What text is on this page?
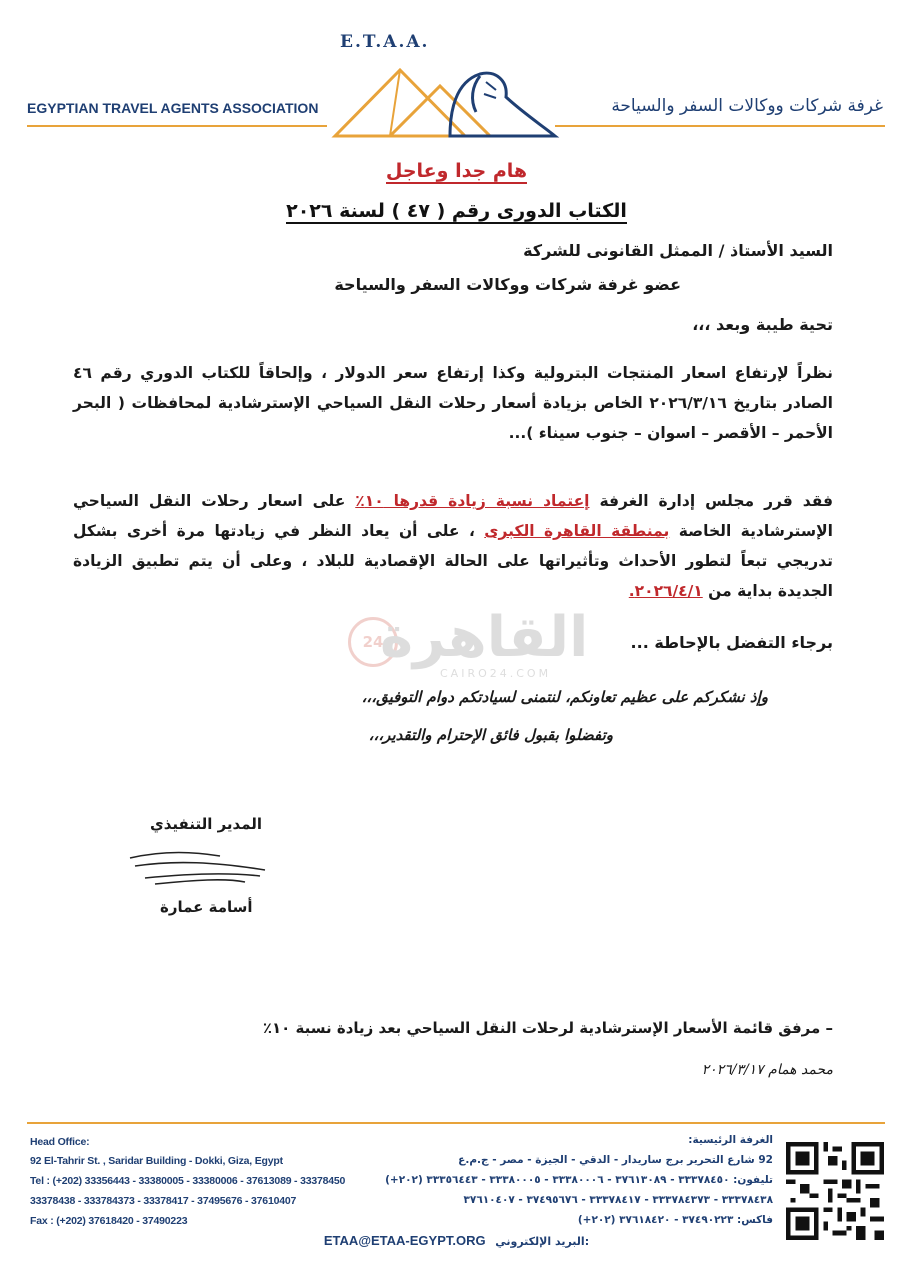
E.T.A.A.
EGYPTIAN TRAVEL AGENTS ASSOCIATION	غرفة شركات ووكالات السفر والسياحة
هام جدا وعاجل
الكتاب الدورى رقم ( ٤٧ ) لسنة ٢٠٢٦
السيد الأستاذ / الممثل القانونى للشركة
عضو غرفة شركات ووكالات السفر والسياحة
تحية طيبة وبعد ،،،
نظراً لإرتفاع اسعار المنتجات البترولية وكذا إرتفاع سعر الدولار ، وإلحاقاً للكتاب الدوري رقم ٤٦ الصادر بتاريخ ٢٠٢٦/٣/١٦ الخاص بزيادة أسعار رحلات النقل السياحي الإسترشادية لمحافظات ( البحر الأحمر – الأقصر – اسوان – جنوب سيناء )...
فقد قرر مجلس إدارة الغرفة إعتماد نسبة زيادة قدرها ١٠٪ على اسعار رحلات النقل السياحي الإسترشادية الخاصة بمنطقة القاهرة الكبرى ، على أن يعاد النظر في زيادتها مرة أخرى بشكل تدريجي تبعاً لتطور الأحداث وتأثيراتها على الحالة الإقصادية للبلاد ، وعلى أن يتم تطبيق الزيادة الجديدة بداية من ٢٠٢٦/٤/١.
برجاء التفضل بالإحاطة ...
24
القاهرة
CAIRO24.COM
وإذ نشكركم على عظيم تعاونكم، لنتمنى لسيادتكم دوام التوفيق،،،
وتفضلوا بقبول فائق الإحترام والتقدير،،،
المدير التنفيذي
أسامة عمارة
– مرفق قائمة الأسعار الإسترشادية لرحلات النقل السياحي بعد زيادة نسبة ١٠٪
محمد همام ٢٠٢٦/٣/١٧
Head Office:
92 El-Tahrir St. , Saridar Building - Dokki, Giza, Egypt
Tel : (+202) 33356443 - 33380005 - 33380006 - 37613089 - 33378450
33378438 - 333784373 - 33378417 - 37495676 - 37610407
Fax : (+202) 37618420 - 37490223
الغرفة الرئيسية:
92 شارع التحرير برج ساريدار - الدقي - الجيزة - مصر - ج.م.ع
تليفون: ٣٣٣٧٨٤٥٠ - ٣٧٦١٣٠٨٩ - ٣٣٣٨٠٠٠٦ - ٣٣٣٨٠٠٠٥ - ٣٣٣٥٦٤٤٣ (٢٠٢+)
٣٣٣٧٨٤٣٨ - ٣٣٣٧٨٤٣٧٣ - ٣٣٣٧٨٤١٧ - ٣٧٤٩٥٦٧٦ - ٣٧٦١٠٤٠٧
فاكس: ٣٧٤٩٠٢٢٣ - ٣٧٦١٨٤٢٠ (٢٠٢+)
ETAA@ETAA-EGYPT.ORG البريد الإلكتروني:
